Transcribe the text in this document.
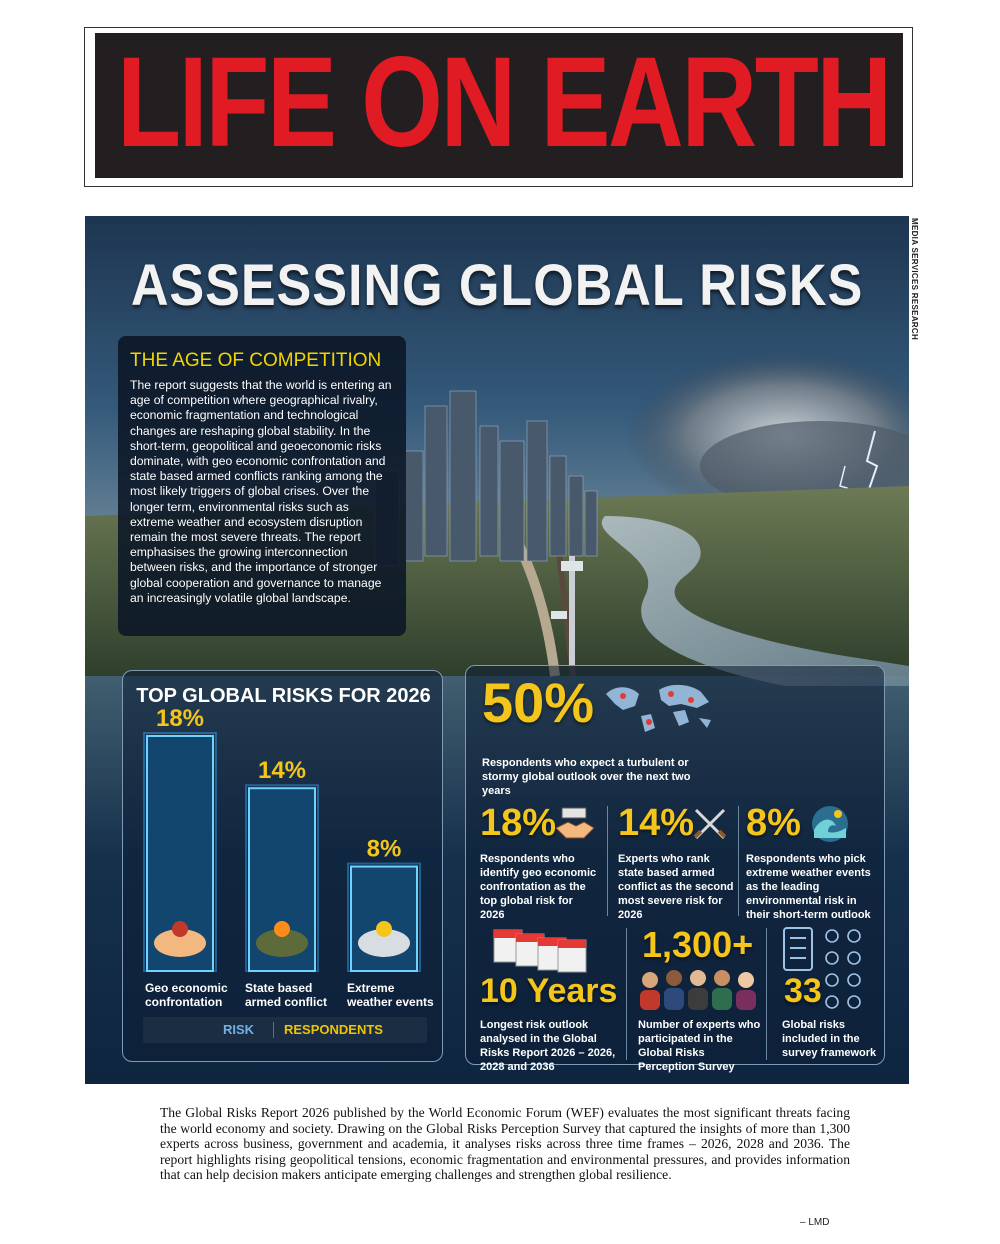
LIFE ON EARTH
MEDIA SERVICES RESEARCH
ASSESSING GLOBAL RISKS
THE AGE OF COMPETITION
The report suggests that the world is entering an age of competition where geographical rivalry, economic fragmentation and technological changes are reshaping global stability. In the short-term, geopolitical and geoeconomic risks dominate, with geo economic confrontation and state based armed conflicts ranking among the most likely triggers of global crises. Over the longer term, environmental risks such as extreme weather and ecosystem disruption remain the most severe threats. The report emphasises the growing interconnection between risks, and the importance of stronger global cooperation and governance to manage an increasingly volatile global landscape.
18%
14%
8%
TOP GLOBAL RISKS FOR 2026
Geo economic confrontation
State based armed conflict
Extreme weather events
RISK	RESPONDENTS
50%
Respondents who expect a turbulent or stormy global outlook over the next two years
18%
Respondents who identify geo economic confrontation as the top global risk for 2026
14%
Experts who rank state based armed conflict as the second most severe risk for 2026
8%
Respondents who pick extreme weather events as the leading environmental risk in their short-term outlook
10 Years
Longest risk outlook analysed in the Global Risks Report 2026 – 2026, 2028 and 2036
1,300+
Number of experts who participated in the Global Risks Perception Survey
33
Global risks included in the survey framework
The Global Risks Report 2026 published by the World Economic Forum (WEF) evaluates the most significant threats facing the world economy and society. Drawing on the Global Risks Perception Survey that captured the insights of more than 1,300 experts across business, government and academia, it analyses risks across three time frames – 2026, 2028 and 2036. The report highlights rising geopolitical tensions, economic fragmentation and environmental pressures, and provides information that can help decision makers anticipate emerging challenges and strengthen global resilience.
– LMD
